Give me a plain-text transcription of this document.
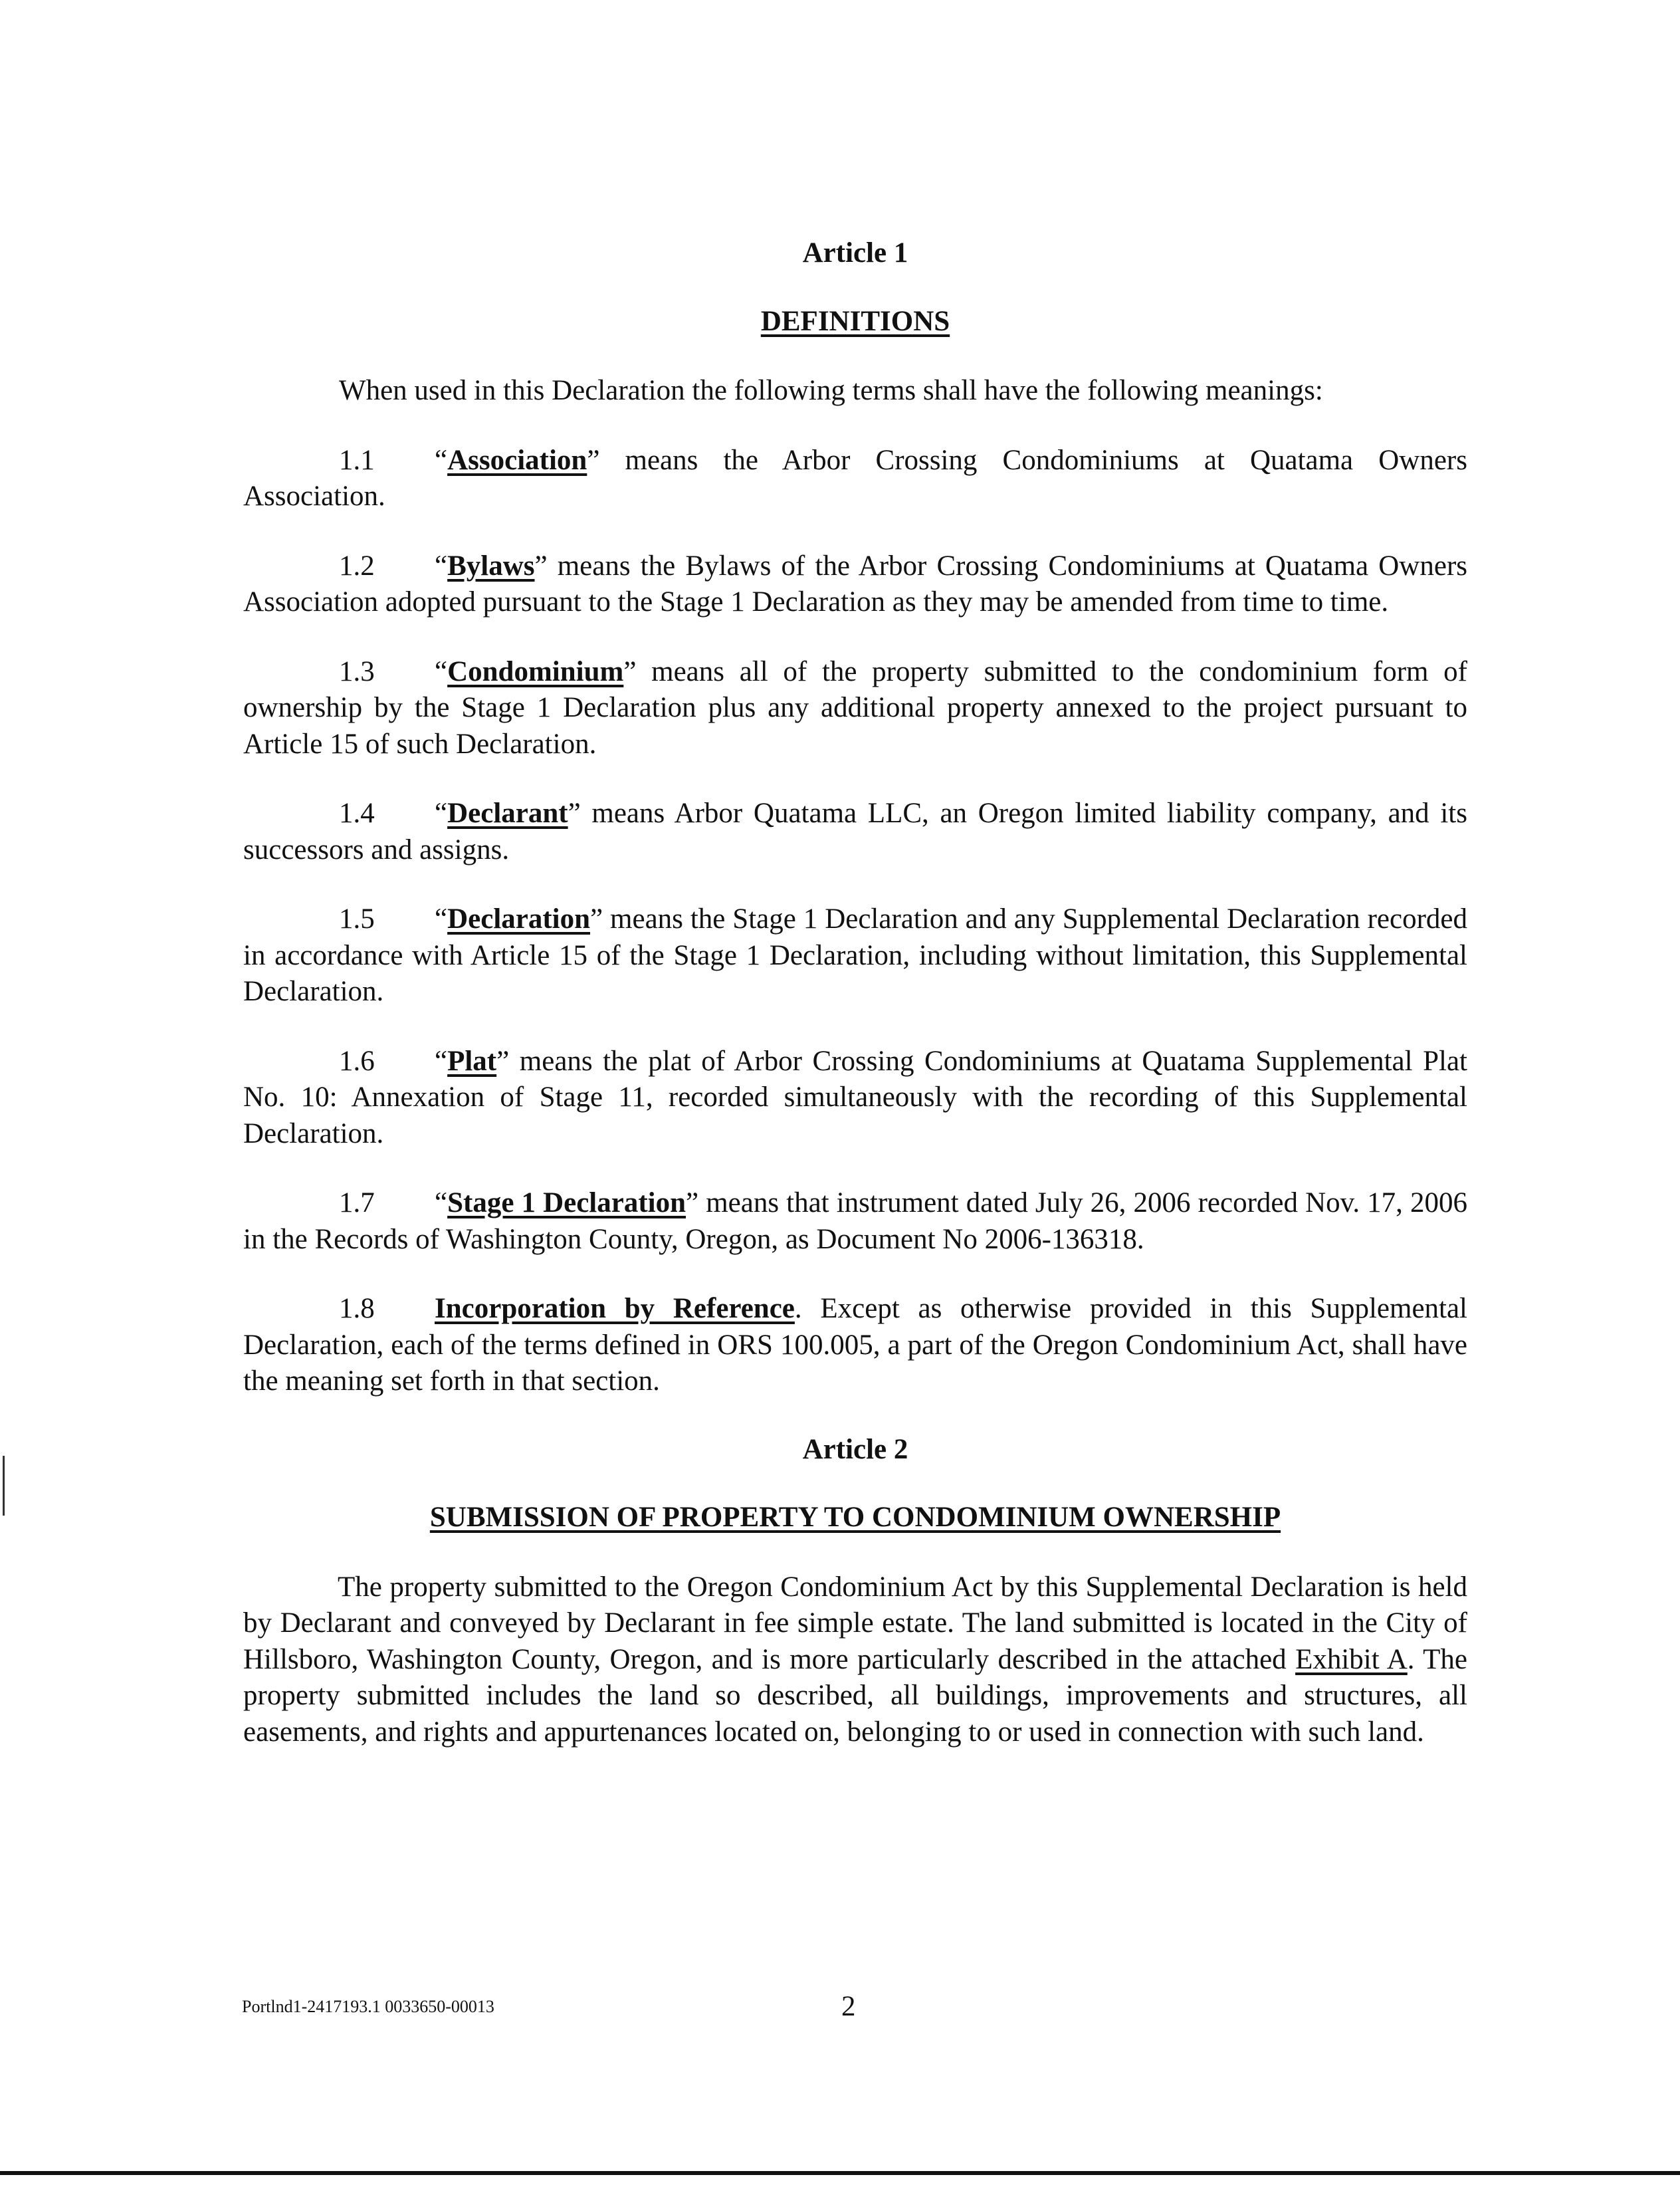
Article 1

DEFINITIONS

When used in this Declaration the following terms shall have the following meanings:

1.1 “Association” means the Arbor Crossing Condominiums at Quatama Owners Association.

1.2 “Bylaws” means the Bylaws of the Arbor Crossing Condominiums at Quatama Owners Association adopted pursuant to the Stage 1 Declaration as they may be amended from time to time.

1.3 “Condominium” means all of the property submitted to the condominium form of ownership by the Stage 1 Declaration plus any additional property annexed to the project pursuant to Article 15 of such Declaration.

1.4 “Declarant” means Arbor Quatama LLC, an Oregon limited liability company, and its successors and assigns.

1.5 “Declaration” means the Stage 1 Declaration and any Supplemental Declaration recorded in accordance with Article 15 of the Stage 1 Declaration, including without limitation, this Supplemental Declaration.

1.6 “Plat” means the plat of Arbor Crossing Condominiums at Quatama Supplemental Plat No. 10: Annexation of Stage 11, recorded simultaneously with the recording of this Supplemental Declaration.

1.7 “Stage 1 Declaration” means that instrument dated July 26, 2006 recorded Nov. 17, 2006 in the Records of Washington County, Oregon, as Document No 2006-136318.

1.8 Incorporation by Reference. Except as otherwise provided in this Supplemental Declaration, each of the terms defined in ORS 100.005, a part of the Oregon Condominium Act, shall have the meaning set forth in that section.

Article 2

SUBMISSION OF PROPERTY TO CONDOMINIUM OWNERSHIP

The property submitted to the Oregon Condominium Act by this Supplemental Declaration is held by Declarant and conveyed by Declarant in fee simple estate. The land submitted is located in the City of Hillsboro, Washington County, Oregon, and is more particularly described in the attached Exhibit A. The property submitted includes the land so described, all buildings, improvements and structures, all easements, and rights and appurtenances located on, belonging to or used in connection with such land.

Portlnd1-2417193.1 0033650-00013	2
